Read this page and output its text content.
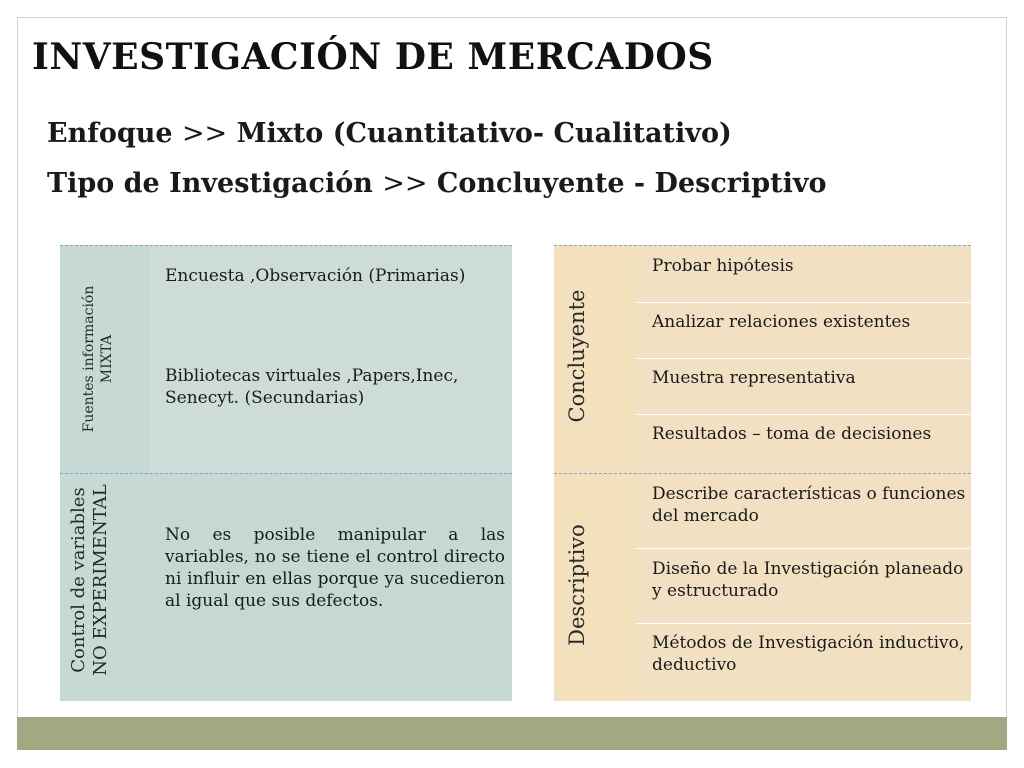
INVESTIGACIÓN DE MERCADOS
Enfoque >> Mixto (Cuantitativo- Cualitativo)
Tipo de Investigación >> Concluyente - Descriptivo
Fuentes información MIXTA
Control de variables NO EXPERIMENTAL
Encuesta ,Observación (Primarias)
Bibliotecas virtuales ,Papers,Inec, Senecyt. (Secundarias)
No es posible manipular a las variables, no se tiene el control directo ni influir en ellas porque ya sucedieron al igual que sus defectos.
Concluyente
Descriptivo
Probar hipótesis
Analizar relaciones existentes
Muestra representativa
Resultados – toma de decisiones
Describe características o funciones del mercado
Diseño de la Investigación planeado y estructurado
Métodos de Investigación inductivo, deductivo
